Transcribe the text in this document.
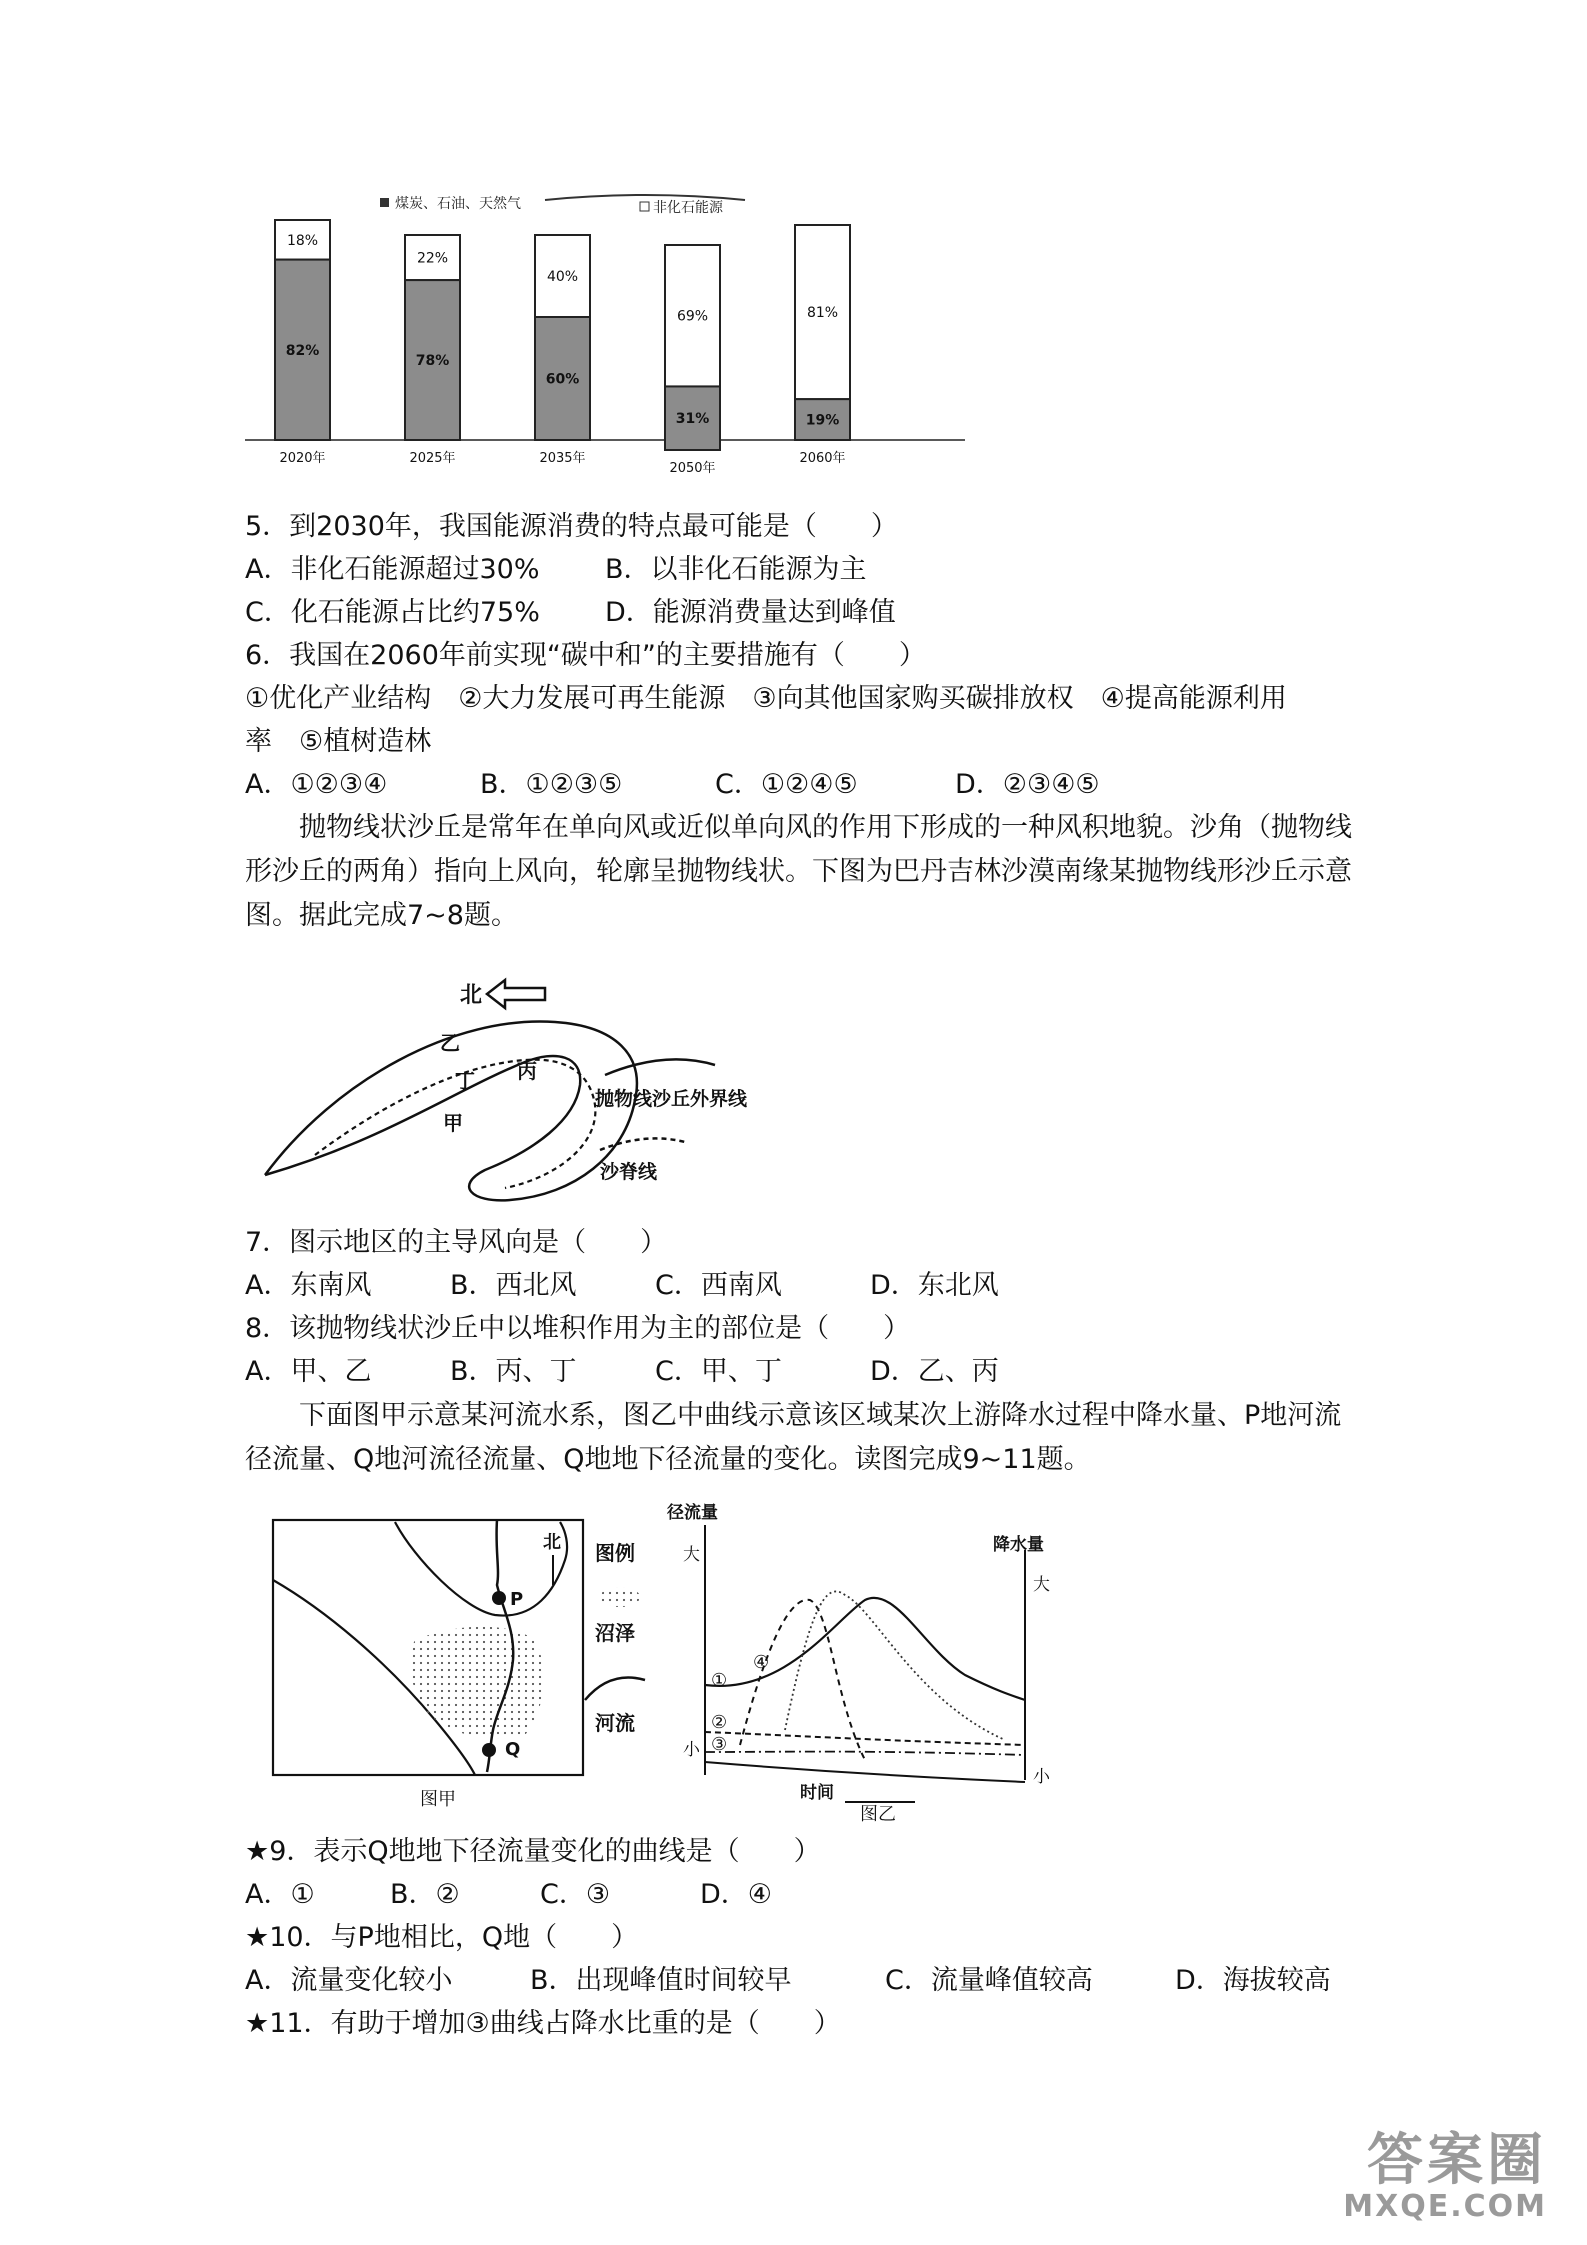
煤炭、石油、天然气	非化石能源
18%
82%
2020年
22%
78%
2025年
40%
60%
2035年
69%
31%
2050年
81%
19%
2060年
5．到2030年，我国能源消费的特点最可能是（　　）
A．非化石能源超过30% B．以非化石能源为主
C．化石能源占比约75% D．能源消费量达到峰值
6．我国在2060年前实现“碳中和”的主要措施有（　　）
①优化产业结构　②大力发展可再生能源　③向其他国家购买碳排放权　④提高能源利用
率　⑤植树造林
A．①②③④	B．①②③⑤	C．①②④⑤	D．②③④⑤
抛物线状沙丘是常年在单向风或近似单向风的作用下形成的一种风积地貌。沙角（抛物线形沙丘的两角）指向上风向，轮廓呈抛物线状。下图为巴丹吉林沙漠南缘某抛物线形沙丘示意图。据此完成7~8题。
北
甲
乙
丙
丁
抛物线沙丘外界线
沙脊线
7．图示地区的主导风向是（　　）
A．东南风	B．西北风	C．西南风	D．东北风
8．该抛物线状沙丘中以堆积作用为主的部位是（　　）
A．甲、乙	B．丙、丁	C．甲、丁	D．乙、丙
下面图甲示意某河流水系，图乙中曲线示意该区域某次上游降水过程中降水量、P地河流径流量、Q地河流径流量、Q地地下径流量的变化。读图完成9~11题。
P
Q
北 图例
沼泽
河流
图甲
径流量
降水量
大
大
小
小
时间
图乙
①
②
③
④
★9．表示Q地地下径流量变化的曲线是（　　）
A．①	B．②	C．③	D．④
★10．与P地相比，Q地（　　）
A．流量变化较小	B．出现峰值时间较早	C．流量峰值较高	D．海拔较高
★11．有助于增加③曲线占降水比重的是（　　）
答案圈
MXQE.COM
